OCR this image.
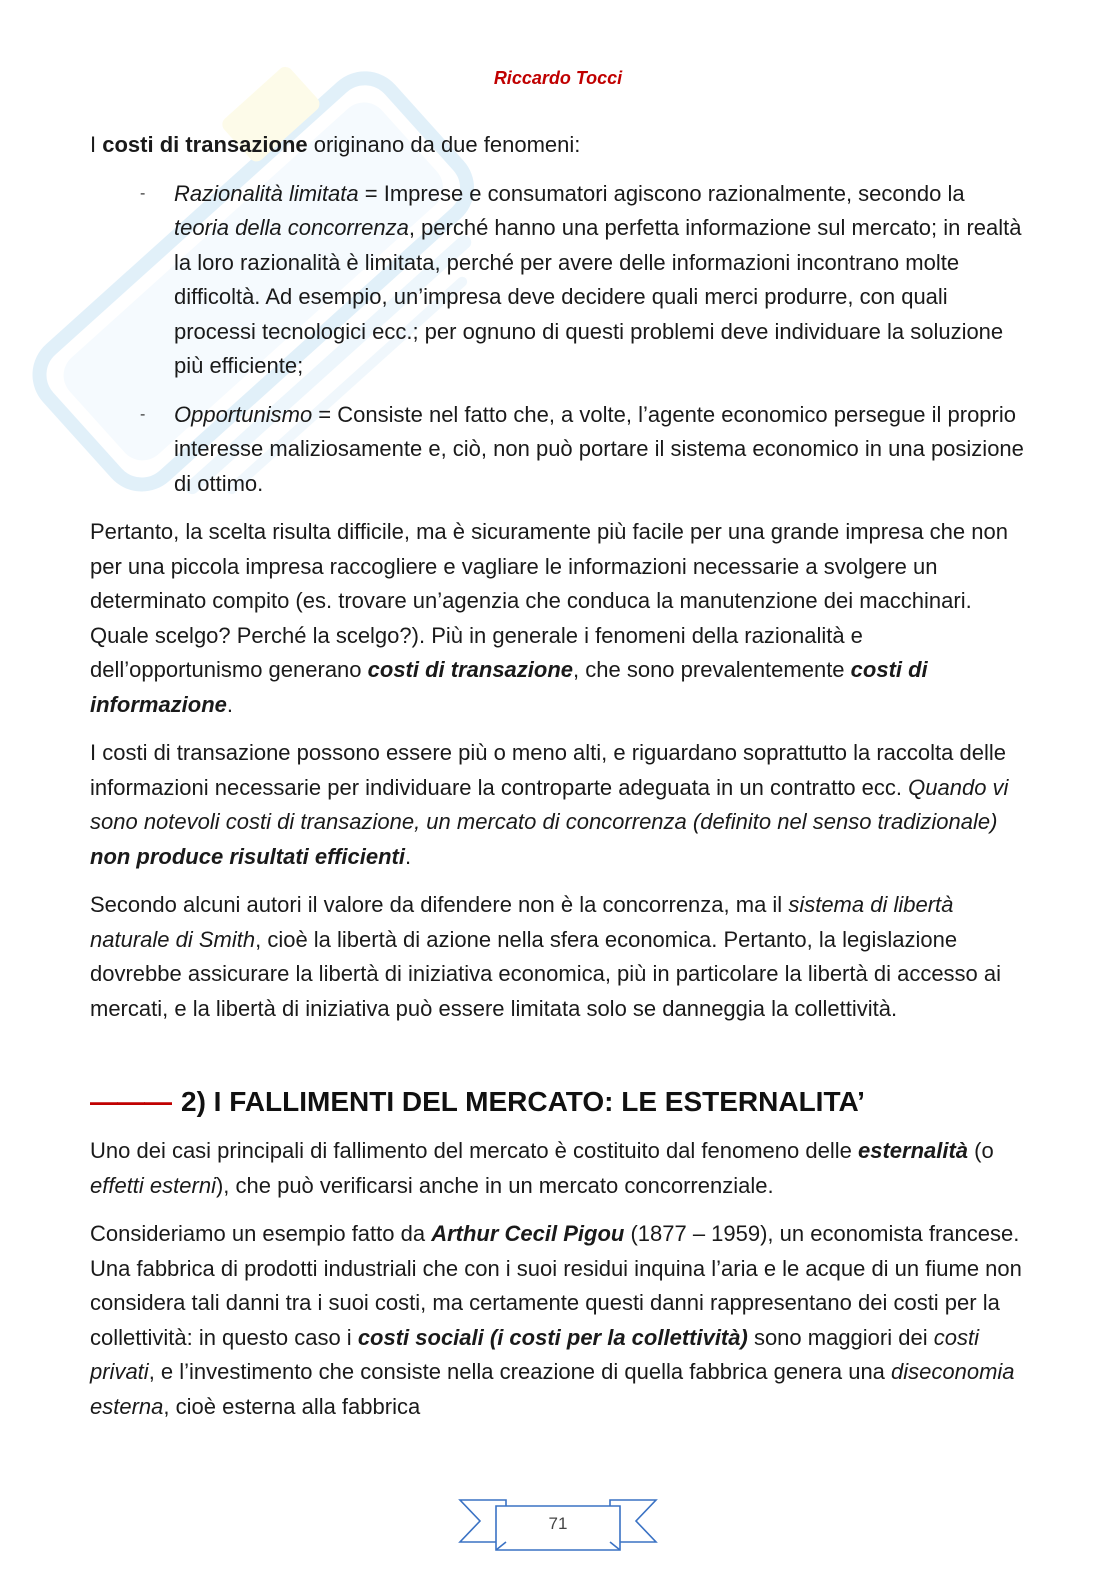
Riccardo Tocci

I costi di transazione originano da due fenomeni:

- Razionalità limitata = Imprese e consumatori agiscono razionalmente, secondo la teoria della concorrenza, perché hanno una perfetta informazione sul mercato; in realtà la loro razionalità è limitata, perché per avere delle informazioni incontrano molte difficoltà. Ad esempio, un’impresa deve decidere quali merci produrre, con quali processi tecnologici ecc.; per ognuno di questi problemi deve individuare la soluzione più efficiente;
- Opportunismo = Consiste nel fatto che, a volte, l’agente economico persegue il proprio interesse maliziosamente e, ciò, non può portare il sistema economico in una posizione di ottimo.

Pertanto, la scelta risulta difficile, ma è sicuramente più facile per una grande impresa che non per una piccola impresa raccogliere e vagliare le informazioni necessarie a svolgere un determinato compito (es. trovare un’agenzia che conduca la manutenzione dei macchinari. Quale scelgo? Perché la scelgo?). Più in generale i fenomeni della razionalità e dell’opportunismo generano costi di transazione, che sono prevalentemente costi di informazione.

I costi di transazione possono essere più o meno alti, e riguardano soprattutto la raccolta delle informazioni necessarie per individuare la controparte adeguata in un contratto ecc. Quando vi sono notevoli costi di transazione, un mercato di concorrenza (definito nel senso tradizionale) non produce risultati efficienti.

Secondo alcuni autori il valore da difendere non è la concorrenza, ma il sistema di libertà naturale di Smith, cioè la libertà di azione nella sfera economica. Pertanto, la legislazione dovrebbe assicurare la libertà di iniziativa economica, più in particolare la libertà di accesso ai mercati, e la libertà di iniziativa può essere limitata solo se danneggia la collettività.

——— 2) I FALLIMENTI DEL MERCATO: LE ESTERNALITA’

Uno dei casi principali di fallimento del mercato è costituito dal fenomeno delle esternalità (o effetti esterni), che può verificarsi anche in un mercato concorrenziale.

Consideriamo un esempio fatto da Arthur Cecil Pigou (1877 – 1959), un economista francese. Una fabbrica di prodotti industriali che con i suoi residui inquina l’aria e le acque di un fiume non considera tali danni tra i suoi costi, ma certamente questi danni rappresentano dei costi per la collettività: in questo caso i costi sociali (i costi per la collettività) sono maggiori dei costi privati, e l’investimento che consiste nella creazione di quella fabbrica genera una diseconomia esterna, cioè esterna alla fabbrica

71
